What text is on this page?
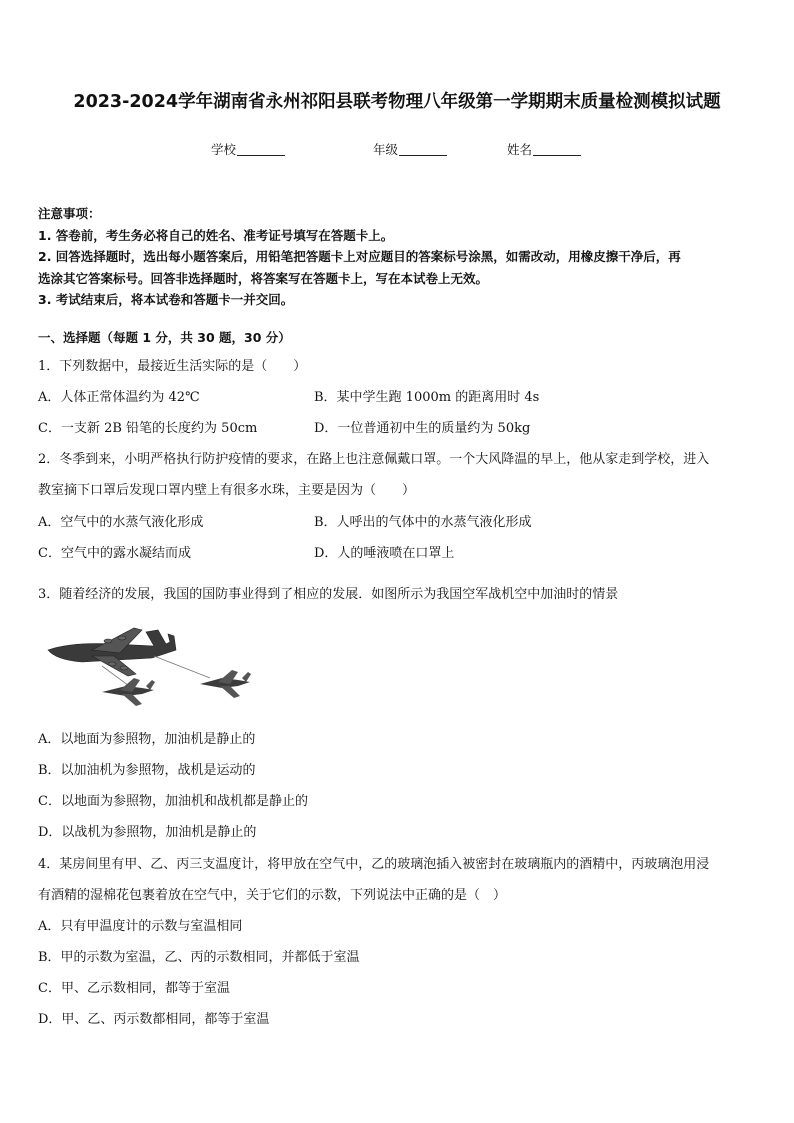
2023-2024学年湖南省永州祁阳县联考物理八年级第一学期期末质量检测模拟试题
学校	年级	姓名
注意事项：
1. 答卷前，考生务必将自己的姓名、准考证号填写在答题卡上。
2. 回答选择题时，选出每小题答案后，用铅笔把答题卡上对应题目的答案标号涂黑，如需改动，用橡皮擦干净后，再
选涂其它答案标号。回答非选择题时，将答案写在答题卡上，写在本试卷上无效。
3. 考试结束后，将本试卷和答题卡一并交回。
一、选择题（每题 1 分，共 30 题，30 分）
1．下列数据中，最接近生活实际的是（　　）
A．人体正常体温约为 42℃	B．某中学生跑 1000m 的距离用时 4s
C．一支新 2B 铅笔的长度约为 50cm	D．一位普通初中生的质量约为 50kg
2．冬季到来，小明严格执行防护疫情的要求，在路上也注意佩戴口罩。一个大风降温的早上，他从家走到学校，进入
教室摘下口罩后发现口罩内壁上有很多水珠，主要是因为（　　）
A．空气中的水蒸气液化形成	B．人呼出的气体中的水蒸气液化形成
C．空气中的露水凝结而成	D．人的唾液喷在口罩上
3．随着经济的发展，我国的国防事业得到了相应的发展．如图所示为我国空军战机空中加油时的情景
A．以地面为参照物，加油机是静止的
B．以加油机为参照物，战机是运动的
C．以地面为参照物，加油机和战机都是静止的
D．以战机为参照物，加油机是静止的
4．某房间里有甲、乙、丙三支温度计，将甲放在空气中，乙的玻璃泡插入被密封在玻璃瓶内的酒精中，丙玻璃泡用浸
有酒精的湿棉花包裹着放在空气中，关于它们的示数，下列说法中正确的是（　）
A．只有甲温度计的示数与室温相同
B．甲的示数为室温，乙、丙的示数相同，并都低于室温
C．甲、乙示数相同，都等于室温
D．甲、乙、丙示数都相同，都等于室温
